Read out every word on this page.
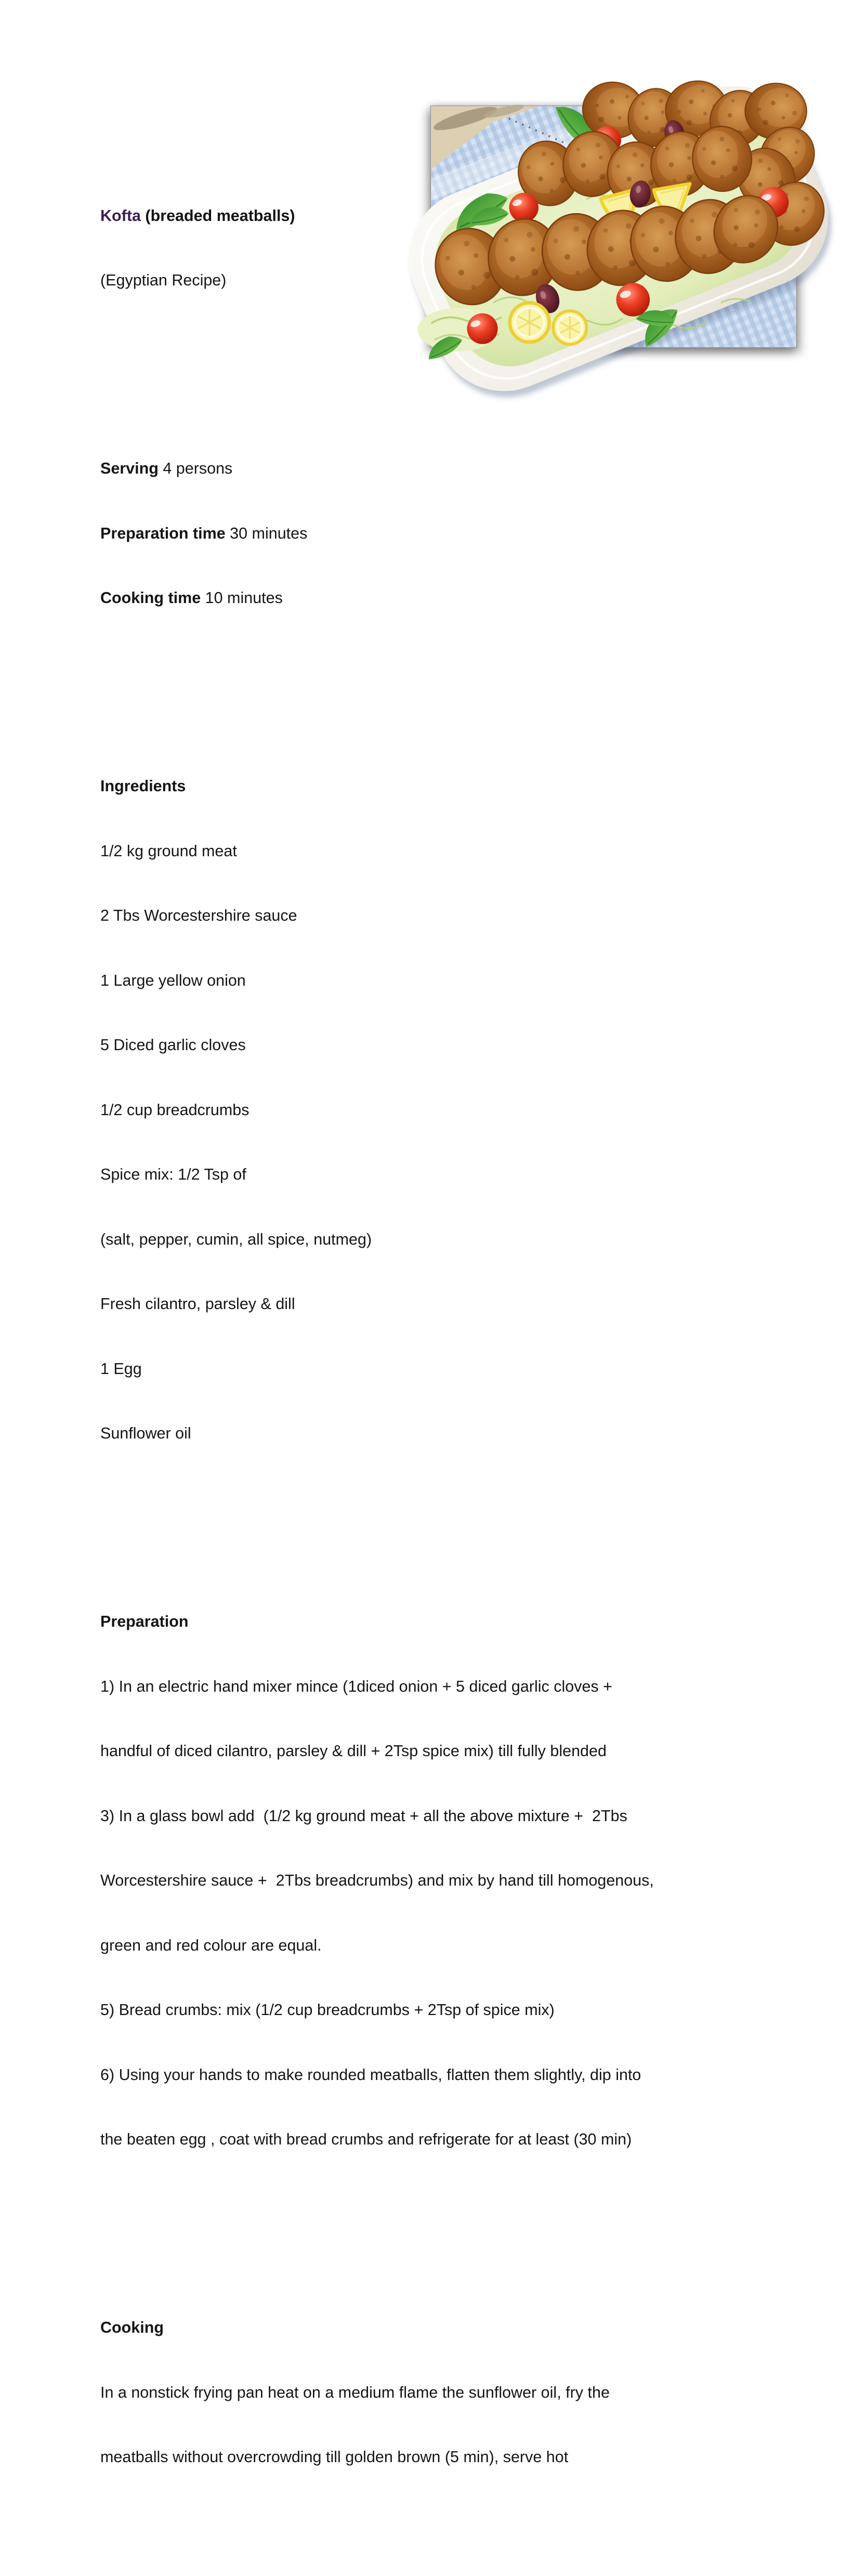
Kofta (breaded meatballs)

(Egyptian Recipe)

Serving 4 persons

Preparation time 30 minutes

Cooking time 10 minutes

Ingredients

1/2 kg ground meat

2 Tbs Worcestershire sauce

1 Large yellow onion

5 Diced garlic cloves

1/2 cup breadcrumbs

Spice mix: 1/2 Tsp of

(salt, pepper, cumin, all spice, nutmeg)

Fresh cilantro, parsley & dill

1 Egg

Sunflower oil

Preparation

1) In an electric hand mixer mince (1diced onion + 5 diced garlic cloves +

handful of diced cilantro, parsley & dill + 2Tsp spice mix) till fully blended

3) In a glass bowl add  (1/2 kg ground meat + all the above mixture +  2Tbs

Worcestershire sauce +  2Tbs breadcrumbs) and mix by hand till homogenous,

green and red colour are equal.

5) Bread crumbs: mix (1/2 cup breadcrumbs + 2Tsp of spice mix)

6) Using your hands to make rounded meatballs, flatten them slightly, dip into

the beaten egg , coat with bread crumbs and refrigerate for at least (30 min)

Cooking

In a nonstick frying pan heat on a medium flame the sunflower oil, fry the

meatballs without overcrowding till golden brown (5 min), serve hot
